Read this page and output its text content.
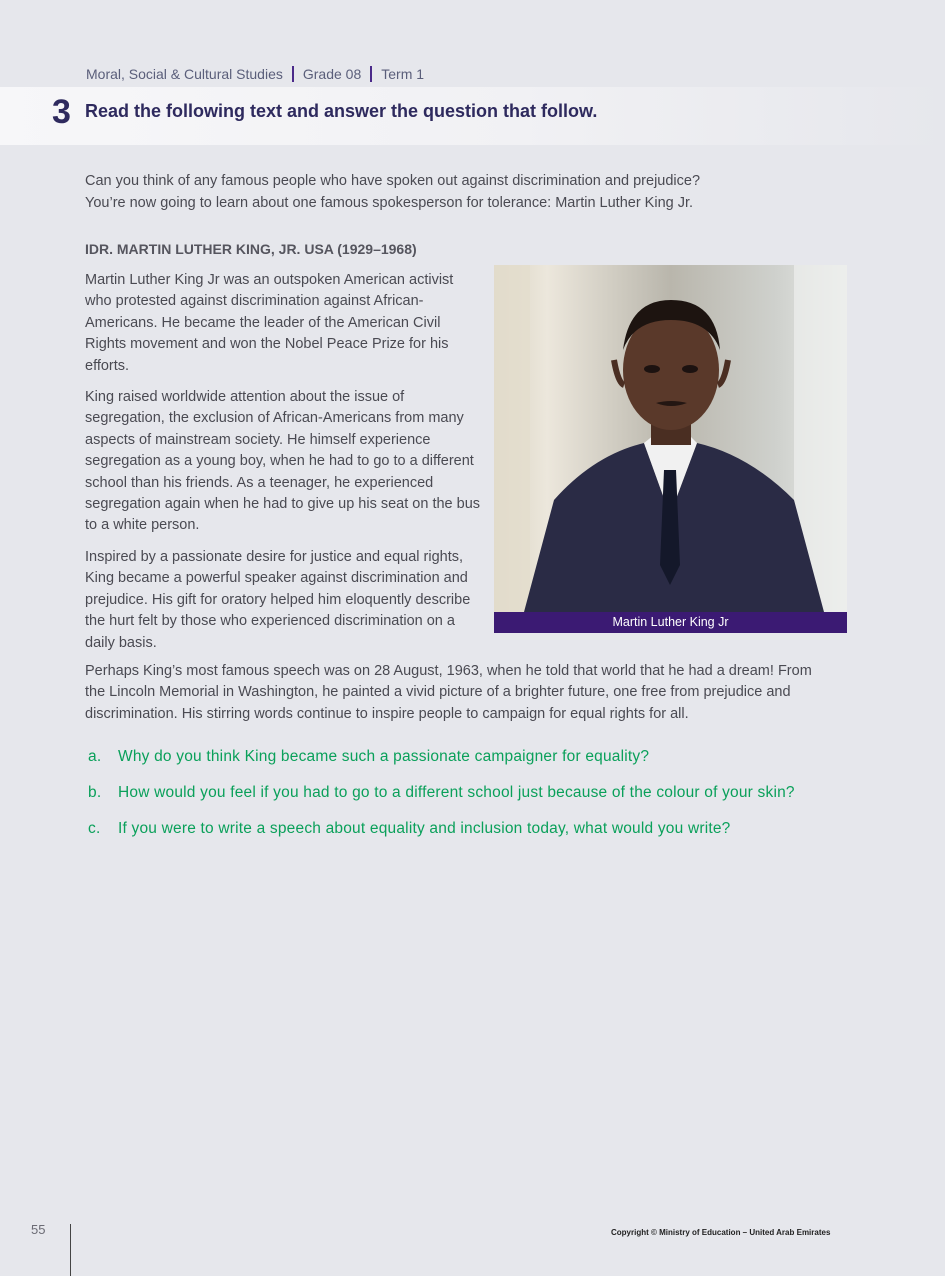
Moral, Social & Cultural Studies Grade 08 Term 1
3 Read the following text and answer the question that follow.

Can you think of any famous people who have spoken out against discrimination and prejudice?

You’re now going to learn about one famous spokesperson for tolerance: Martin Luther King Jr.

IDR. MARTIN LUTHER KING, JR. USA (1929–1968)

Martin Luther King Jr was an outspoken American activist who protested against discrimination against African-Americans. He became the leader of the American Civil Rights movement and won the Nobel Peace Prize for his efforts.

King raised worldwide attention about the issue of segregation, the exclusion of African-Americans from many aspects of mainstream society. He himself experience segregation as a young boy, when he had to go to a different school than his friends. As a teenager, he experienced segregation again when he had to give up his seat on the bus to a white person.

Inspired by a passionate desire for justice and equal rights, King became a powerful speaker against discrimination and prejudice. His gift for oratory helped him eloquently describe the hurt felt by those who experienced discrimination on a daily basis.

Martin Luther King Jr
Perhaps King’s most famous speech was on 28 August, 1963, when he told that world that he had a dream! From the Lincoln Memorial in Washington, he painted a vivid picture of a brighter future, one free from prejudice and discrimination. His stirring words continue to inspire people to campaign for equal rights for all.
a.	Why do you think King became such a passionate campaigner for equality?
b.	How would you feel if you had to go to a different school just because of the colour of your skin?
c.	If you were to write a speech about equality and inclusion today, what would you write?
55	Copyright © Ministry of Education – United Arab Emirates
